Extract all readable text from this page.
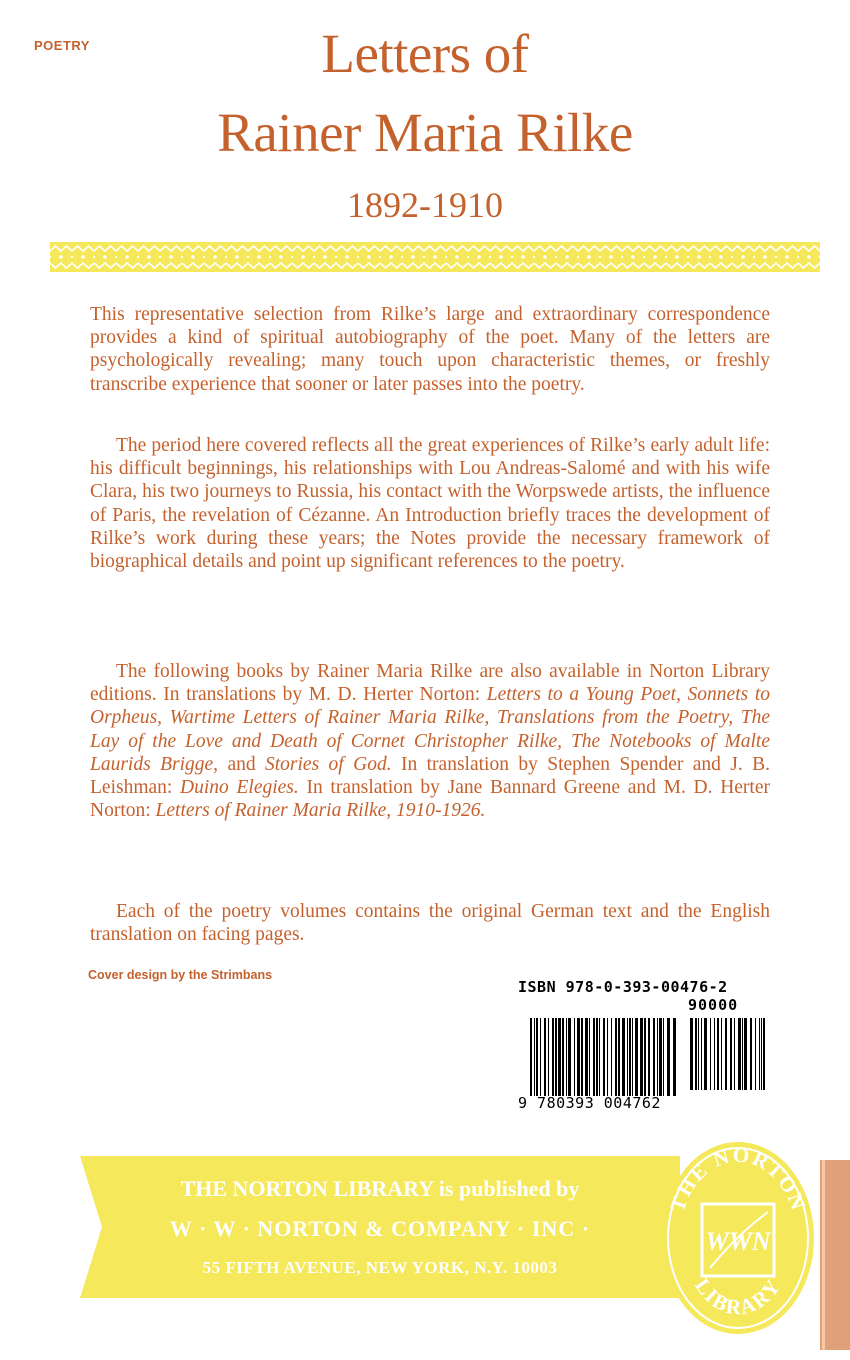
POETRY	Letters of
Rainer Maria Rilke
1892-1910

This representative selection from Rilke’s large and extraordinary correspondence provides a kind of spiritual autobiography of the poet. Many of the letters are psychologically revealing; many touch upon characteristic themes, or freshly transcribe experience that sooner or later passes into the poetry.

The period here covered reflects all the great experiences of Rilke’s early adult life: his difficult beginnings, his relationships with Lou Andreas-Salomé and with his wife Clara, his two journeys to Russia, his contact with the Worpswede artists, the influence of Paris, the revelation of Cézanne. An Introduction briefly traces the development of Rilke’s work during these years; the Notes provide the necessary framework of biographical details and point up significant references to the poetry.

The following books by Rainer Maria Rilke are also available in Norton Library editions. In translations by M. D. Herter Norton: Letters to a Young Poet, Sonnets to Orpheus, Wartime Letters of Rainer Maria Rilke, Translations from the Poetry, The Lay of the Love and Death of Cornet Christopher Rilke, The Notebooks of Malte Laurids Brigge, and Stories of God. In translation by Stephen Spender and J. B. Leishman: Duino Elegies. In translation by Jane Bannard Greene and M. D. Herter Norton: Letters of Rainer Maria Rilke, 1910-1926.

Each of the poetry volumes contains the original German text and the English translation on facing pages.

Cover design by the Strimbans
ISBN 978-0-393-00476-2
90000
9 780393 004762
THE NORTON LIBRARY is published by
W · W · NORTON & COMPANY · INC ·
55 FIFTH AVENUE, NEW YORK, N.Y. 10003
THE NORTON
LIBRARY
WWN
